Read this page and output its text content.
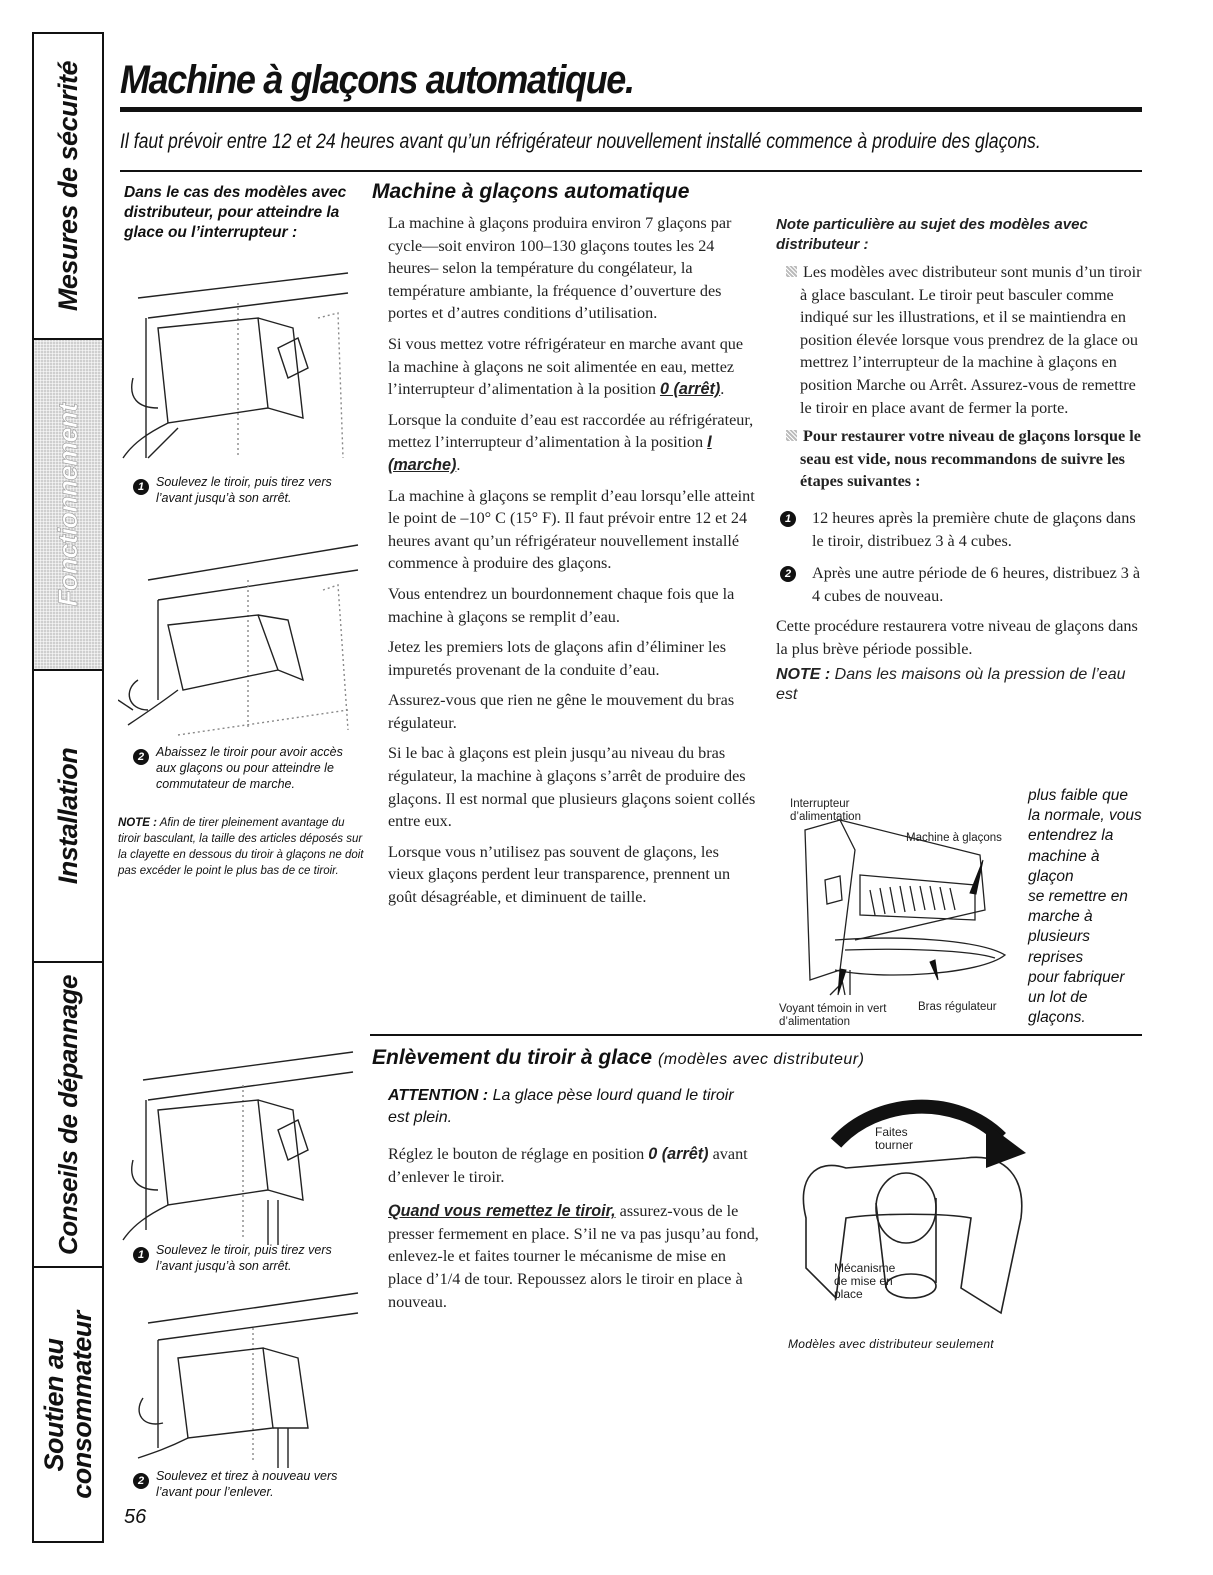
Mesures de sécurité
Fonctionnement
Installation
Conseils de dépannage
Soutien au consommateur
Machine à glaçons automatique.
Il faut prévoir entre 12 et 24 heures avant qu’un réfrigérateur nouvellement installé commence à produire des glaçons.
Dans le cas des modèles avec distributeur, pour atteindre la glace ou l’interrupteur :
1 Soulevez le tiroir, puis tirez vers l’avant jusqu’à son arrêt.
2 Abaissez le tiroir pour avoir accès aux glaçons ou pour atteindre le commutateur de marche.
NOTE : Afin de tirer pleinement avantage du tiroir basculant, la taille des articles déposés sur la clayette en dessous du tiroir à glaçons ne doit pas excéder le point le plus bas de ce tiroir.
1 Soulevez le tiroir, puis tirez vers l’avant jusqu’à son arrêt.
2 Soulevez et tirez à nouveau vers l’avant pour l’enlever.
56
Machine à glaçons automatique

La machine à glaçons produira environ 7 glaçons par cycle—soit environ 100–130 glaçons toutes les 24 heures– selon la température du congélateur, la température ambiante, la fréquence d’ouverture des portes et d’autres conditions d’utilisation.

Si vous mettez votre réfrigérateur en marche avant que la machine à glaçons ne soit alimentée en eau, mettez l’interrupteur d’alimentation à la position 0 (arrêt).

Lorsque la conduite d’eau est raccordée au réfrigérateur, mettez l’interrupteur d’alimentation à la position I (marche).

La machine à glaçons se remplit d’eau lorsqu’elle atteint le point de –10° C (15° F). Il faut prévoir entre 12 et 24 heures avant qu’un réfrigérateur nouvellement installé commence à produire des glaçons.

Vous entendrez un bourdonnement chaque fois que la machine à glaçons se remplit d’eau.

Jetez les premiers lots de glaçons afin d’éliminer les impuretés provenant de la conduite d’eau.

Assurez-vous que rien ne gêne le mouvement du bras régulateur.

Si le bac à glaçons est plein jusqu’au niveau du bras régulateur, la machine à glaçons s’arrêt de produire des glaçons. Il est normal que plusieurs glaçons soient collés entre eux.

Lorsque vous n’utilisez pas souvent de glaçons, les vieux glaçons perdent leur transparence, prennent un goût désagréable, et diminuent de taille.

Note particulière au sujet des modèles avec distributeur :

Les modèles avec distributeur sont munis d’un tiroir à glace basculant. Le tiroir peut basculer comme indiqué sur les illustrations, et il se maintiendra en position élevée lorsque vous prendrez de la glace ou mettrez l’interrupteur de la machine à glaçons en position Marche ou Arrêt. Assurez-vous de remettre le tiroir en place avant de fermer la porte.

Pour restaurer votre niveau de glaçons lorsque le seau est vide, nous recommandons de suivre les étapes suivantes :

1	12 heures après la première chute de glaçons dans le tiroir, distribuez 3 à 4 cubes.
2	Après une autre période de 6 heures, distribuez 3 à 4 cubes de nouveau.

Cette procédure restaurera votre niveau de glaçons dans la plus brève période possible.

NOTE : Dans les maisons où la pression de l’eau est
Interrupteur
d’alimentation
Machine à glaçons
Voyant témoin in vert
d’alimentation
Bras régulateur
plus faible que
la normale, vous
entendrez la
machine à glaçon
se remettre en
marche à
plusieurs reprises
pour fabriquer
un lot de
glaçons.
Enlèvement du tiroir à glace (modèles avec distributeur)
ATTENTION : La glace pèse lourd quand le tiroir est plein.

Réglez le bouton de réglage en position 0 (arrêt) avant d’enlever le tiroir.

Quand vous remettez le tiroir, assurez-vous de le presser fermement en place. S’il ne va pas jusqu’au fond, enlevez-le et faites tourner le mécanisme de mise en place d’1/4 de tour. Repoussez alors le tiroir en place à nouveau.

Faites
tourner
Mécanisme
de mise en
place
Modèles avec distributeur seulement
